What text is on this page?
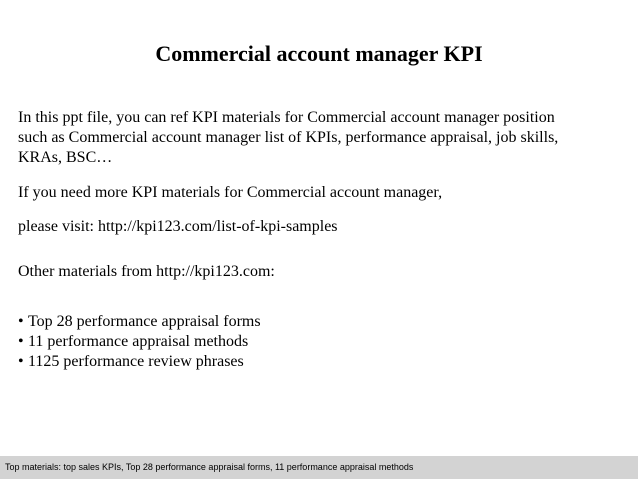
Commercial account manager KPI
In this ppt file, you can ref KPI materials for Commercial account manager position
such as Commercial account manager list of KPIs, performance appraisal, job skills,
KRAs, BSC…
If you need more KPI materials for Commercial account manager,
please visit: http://kpi123.com/list-of-kpi-samples
Other materials from http://kpi123.com:
• Top 28 performance appraisal forms
• 11 performance appraisal methods
• 1125 performance review phrases
Top materials: top sales KPIs, Top 28 performance appraisal forms, 11 performance appraisal methods
